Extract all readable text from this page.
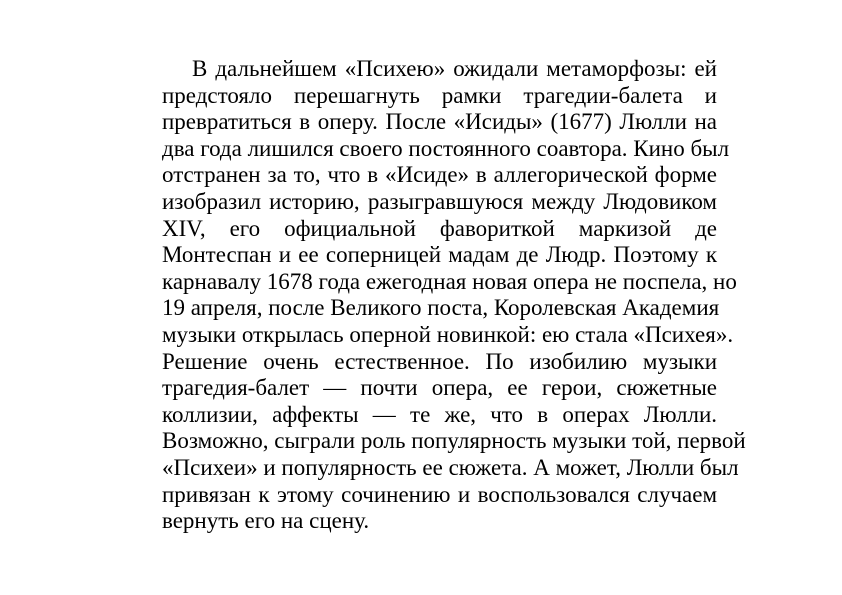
В дальнейшем «Психею» ожидали метаморфозы: ей
предстояло перешагнуть рамки трагедии-балета и
превратиться в оперу. После «Исиды» (1677) Люлли на
два года лишился своего постоянного соавтора. Кино был
отстранен за то, что в «Исиде» в аллегорической форме
изобразил историю, разыгравшуюся между Людовиком
XIV, его официальной фавориткой маркизой де
Монтеспан и ее соперницей мадам де Людр. Поэтому к
карнавалу 1678 года ежегодная новая опера не поспела, но
19 апреля, после Великого поста, Королевская Академия
музыки открылась оперной новинкой: ею стала «Психея».
Решение очень естественное. По изобилию музыки
трагедия-балет — почти опера, ее герои, сюжетные
коллизии, аффекты — те же, что в операх Люлли.
Возможно, сыграли роль популярность музыки той, первой
«Психеи» и популярность ее сюжета. А может, Люлли был
привязан к этому сочинению и воспользовался случаем
вернуть его на сцену.
